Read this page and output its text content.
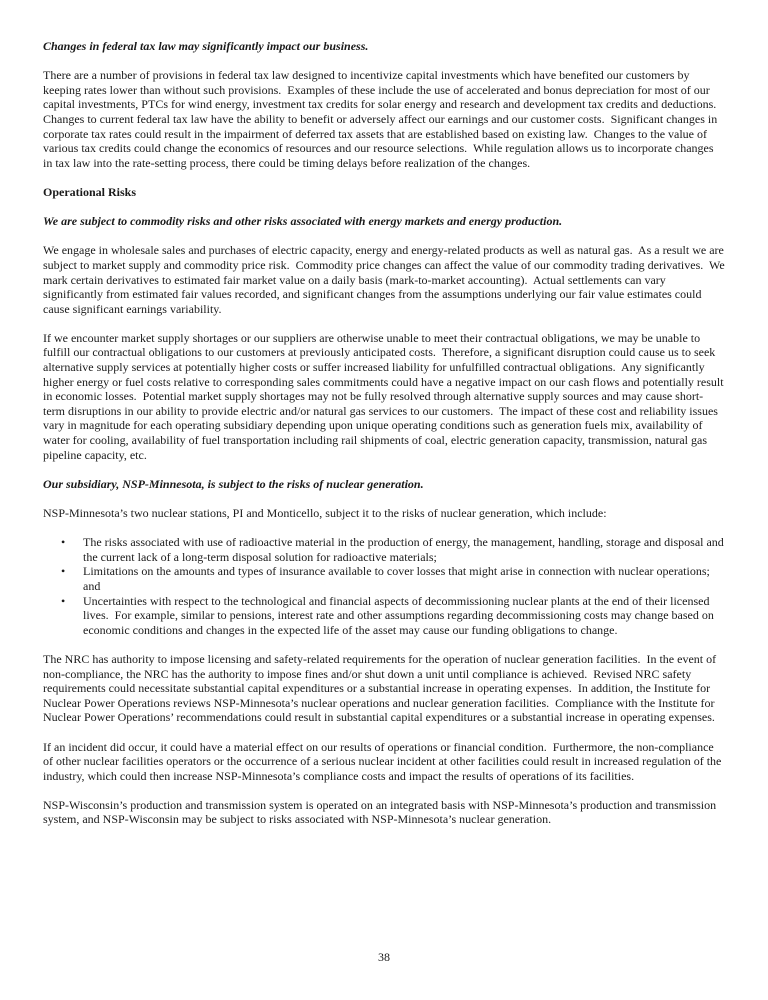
Changes in federal tax law may significantly impact our business.
There are a number of provisions in federal tax law designed to incentivize capital investments which have benefited our customers by keeping rates lower than without such provisions.  Examples of these include the use of accelerated and bonus depreciation for most of our capital investments, PTCs for wind energy, investment tax credits for solar energy and research and development tax credits and deductions.  Changes to current federal tax law have the ability to benefit or adversely affect our earnings and our customer costs.  Significant changes in corporate tax rates could result in the impairment of deferred tax assets that are established based on existing law.  Changes to the value of various tax credits could change the economics of resources and our resource selections.  While regulation allows us to incorporate changes in tax law into the rate-setting process, there could be timing delays before realization of the changes.
Operational Risks
We are subject to commodity risks and other risks associated with energy markets and energy production.
We engage in wholesale sales and purchases of electric capacity, energy and energy-related products as well as natural gas.  As a result we are subject to market supply and commodity price risk.  Commodity price changes can affect the value of our commodity trading derivatives.  We mark certain derivatives to estimated fair market value on a daily basis (mark-to-market accounting).  Actual settlements can vary significantly from estimated fair values recorded, and significant changes from the assumptions underlying our fair value estimates could cause significant earnings variability.
If we encounter market supply shortages or our suppliers are otherwise unable to meet their contractual obligations, we may be unable to fulfill our contractual obligations to our customers at previously anticipated costs.  Therefore, a significant disruption could cause us to seek alternative supply services at potentially higher costs or suffer increased liability for unfulfilled contractual obligations.  Any significantly higher energy or fuel costs relative to corresponding sales commitments could have a negative impact on our cash flows and potentially result in economic losses.  Potential market supply shortages may not be fully resolved through alternative supply sources and may cause short-term disruptions in our ability to provide electric and/or natural gas services to our customers.  The impact of these cost and reliability issues vary in magnitude for each operating subsidiary depending upon unique operating conditions such as generation fuels mix, availability of water for cooling, availability of fuel transportation including rail shipments of coal, electric generation capacity, transmission, natural gas pipeline capacity, etc.
Our subsidiary, NSP-Minnesota, is subject to the risks of nuclear generation.
NSP-Minnesota’s two nuclear stations, PI and Monticello, subject it to the risks of nuclear generation, which include:
•	The risks associated with use of radioactive material in the production of energy, the management, handling, storage and disposal and the current lack of a long-term disposal solution for radioactive materials;
•	Limitations on the amounts and types of insurance available to cover losses that might arise in connection with nuclear operations; and
•	Uncertainties with respect to the technological and financial aspects of decommissioning nuclear plants at the end of their licensed lives.  For example, similar to pensions, interest rate and other assumptions regarding decommissioning costs may change based on economic conditions and changes in the expected life of the asset may cause our funding obligations to change.
The NRC has authority to impose licensing and safety-related requirements for the operation of nuclear generation facilities.  In the event of non-compliance, the NRC has the authority to impose fines and/or shut down a unit until compliance is achieved.  Revised NRC safety requirements could necessitate substantial capital expenditures or a substantial increase in operating expenses.  In addition, the Institute for Nuclear Power Operations reviews NSP-Minnesota’s nuclear operations and nuclear generation facilities.  Compliance with the Institute for Nuclear Power Operations’ recommendations could result in substantial capital expenditures or a substantial increase in operating expenses.
If an incident did occur, it could have a material effect on our results of operations or financial condition.  Furthermore, the non-compliance of other nuclear facilities operators or the occurrence of a serious nuclear incident at other facilities could result in increased regulation of the industry, which could then increase NSP-Minnesota’s compliance costs and impact the results of operations of its facilities.
NSP-Wisconsin’s production and transmission system is operated on an integrated basis with NSP-Minnesota’s production and transmission system, and NSP-Wisconsin may be subject to risks associated with NSP-Minnesota’s nuclear generation.
38
